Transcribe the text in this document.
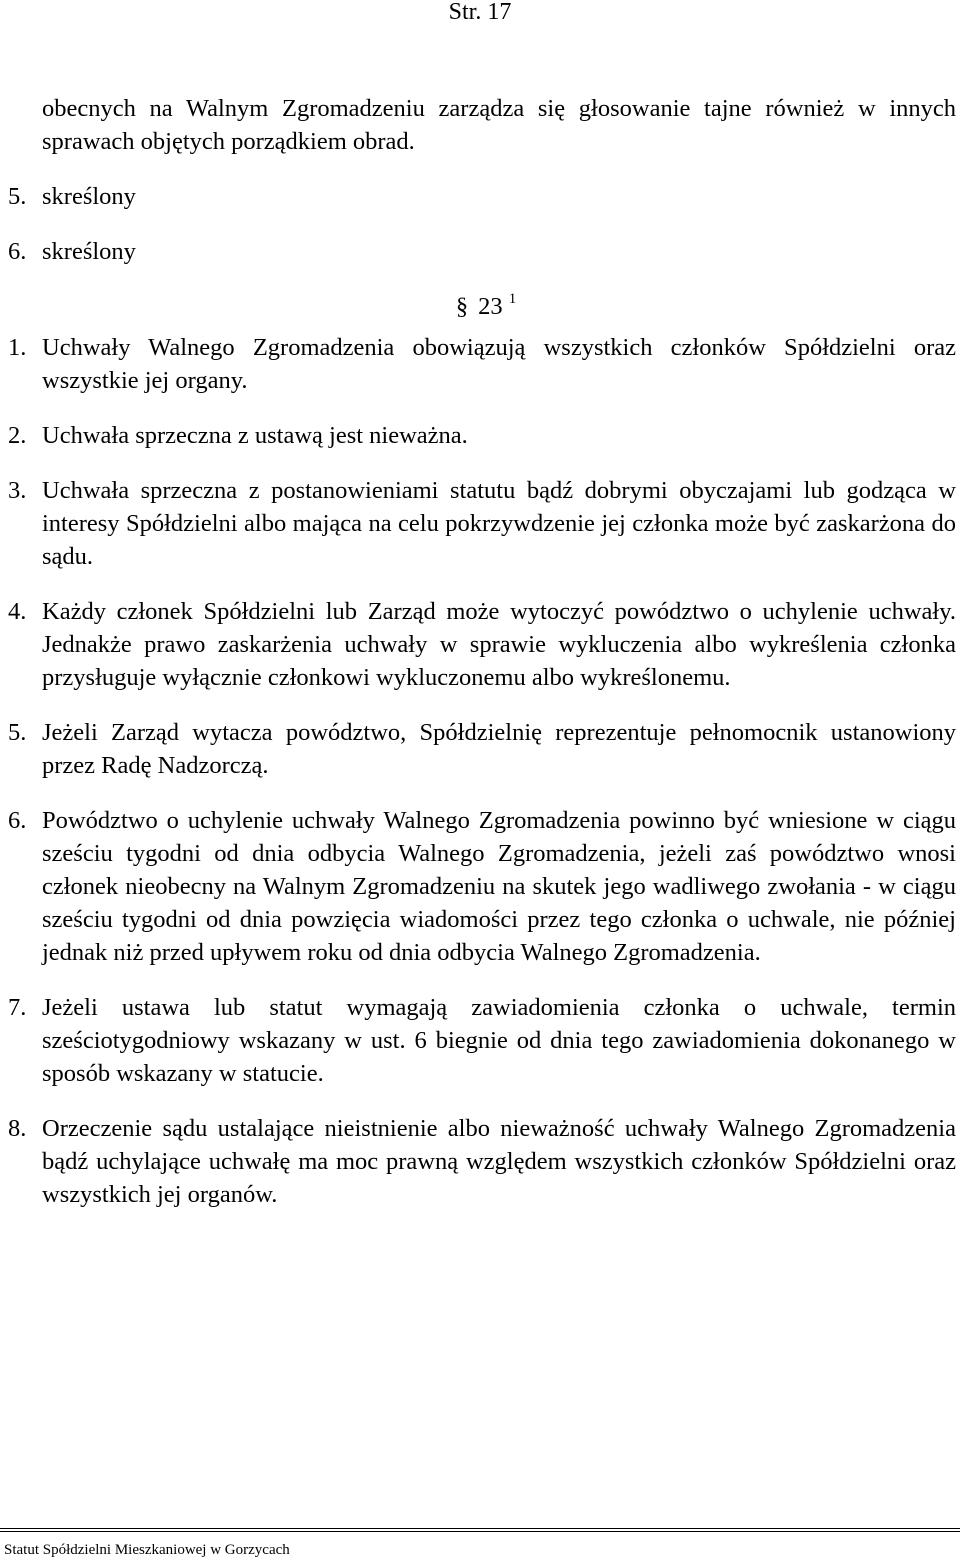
Str. 17
obecnych na Walnym Zgromadzeniu zarządza się głosowanie tajne również w innych sprawach objętych porządkiem obrad.
5. skreślony
6. skreślony
§ 23 $^1$
1. Uchwały Walnego Zgromadzenia obowiązują wszystkich członków Spółdzielni oraz wszystkie jej organy.
2. Uchwała sprzeczna z ustawą jest nieważna.
3. Uchwała sprzeczna z postanowieniami statutu bądź dobrymi obyczajami lub godząca w interesy Spółdzielni albo mająca na celu pokrzywdzenie jej członka może być zaskarżona do sądu.
4. Każdy członek Spółdzielni lub Zarząd może wytoczyć powództwo o uchylenie uchwały. Jednakże prawo zaskarżenia uchwały w sprawie wykluczenia albo wykreślenia członka przysługuje wyłącznie członkowi wykluczonemu albo wykreślonemu.
5. Jeżeli Zarząd wytacza powództwo, Spółdzielnię reprezentuje pełnomocnik ustanowiony przez Radę Nadzorczą.
6. Powództwo o uchylenie uchwały Walnego Zgromadzenia powinno być wniesione w ciągu sześciu tygodni od dnia odbycia Walnego Zgromadzenia, jeżeli zaś powództwo wnosi członek nieobecny na Walnym Zgromadzeniu na skutek jego wadliwego zwołania - w ciągu sześciu tygodni od dnia powzięcia wiadomości przez tego członka o uchwale, nie później jednak niż przed upływem roku od dnia odbycia Walnego Zgromadzenia.
7. Jeżeli ustawa lub statut wymagają zawiadomienia członka o uchwale, termin sześciotygodniowy wskazany w ust. 6 biegnie od dnia tego zawiadomienia dokonanego w sposób wskazany w statucie.
8. Orzeczenie sądu ustalające nieistnienie albo nieważność uchwały Walnego Zgromadzenia bądź uchylające uchwałę ma moc prawną względem wszystkich członków Spółdzielni oraz wszystkich jej organów.
Statut Spółdzielni Mieszkaniowej w Gorzycach
